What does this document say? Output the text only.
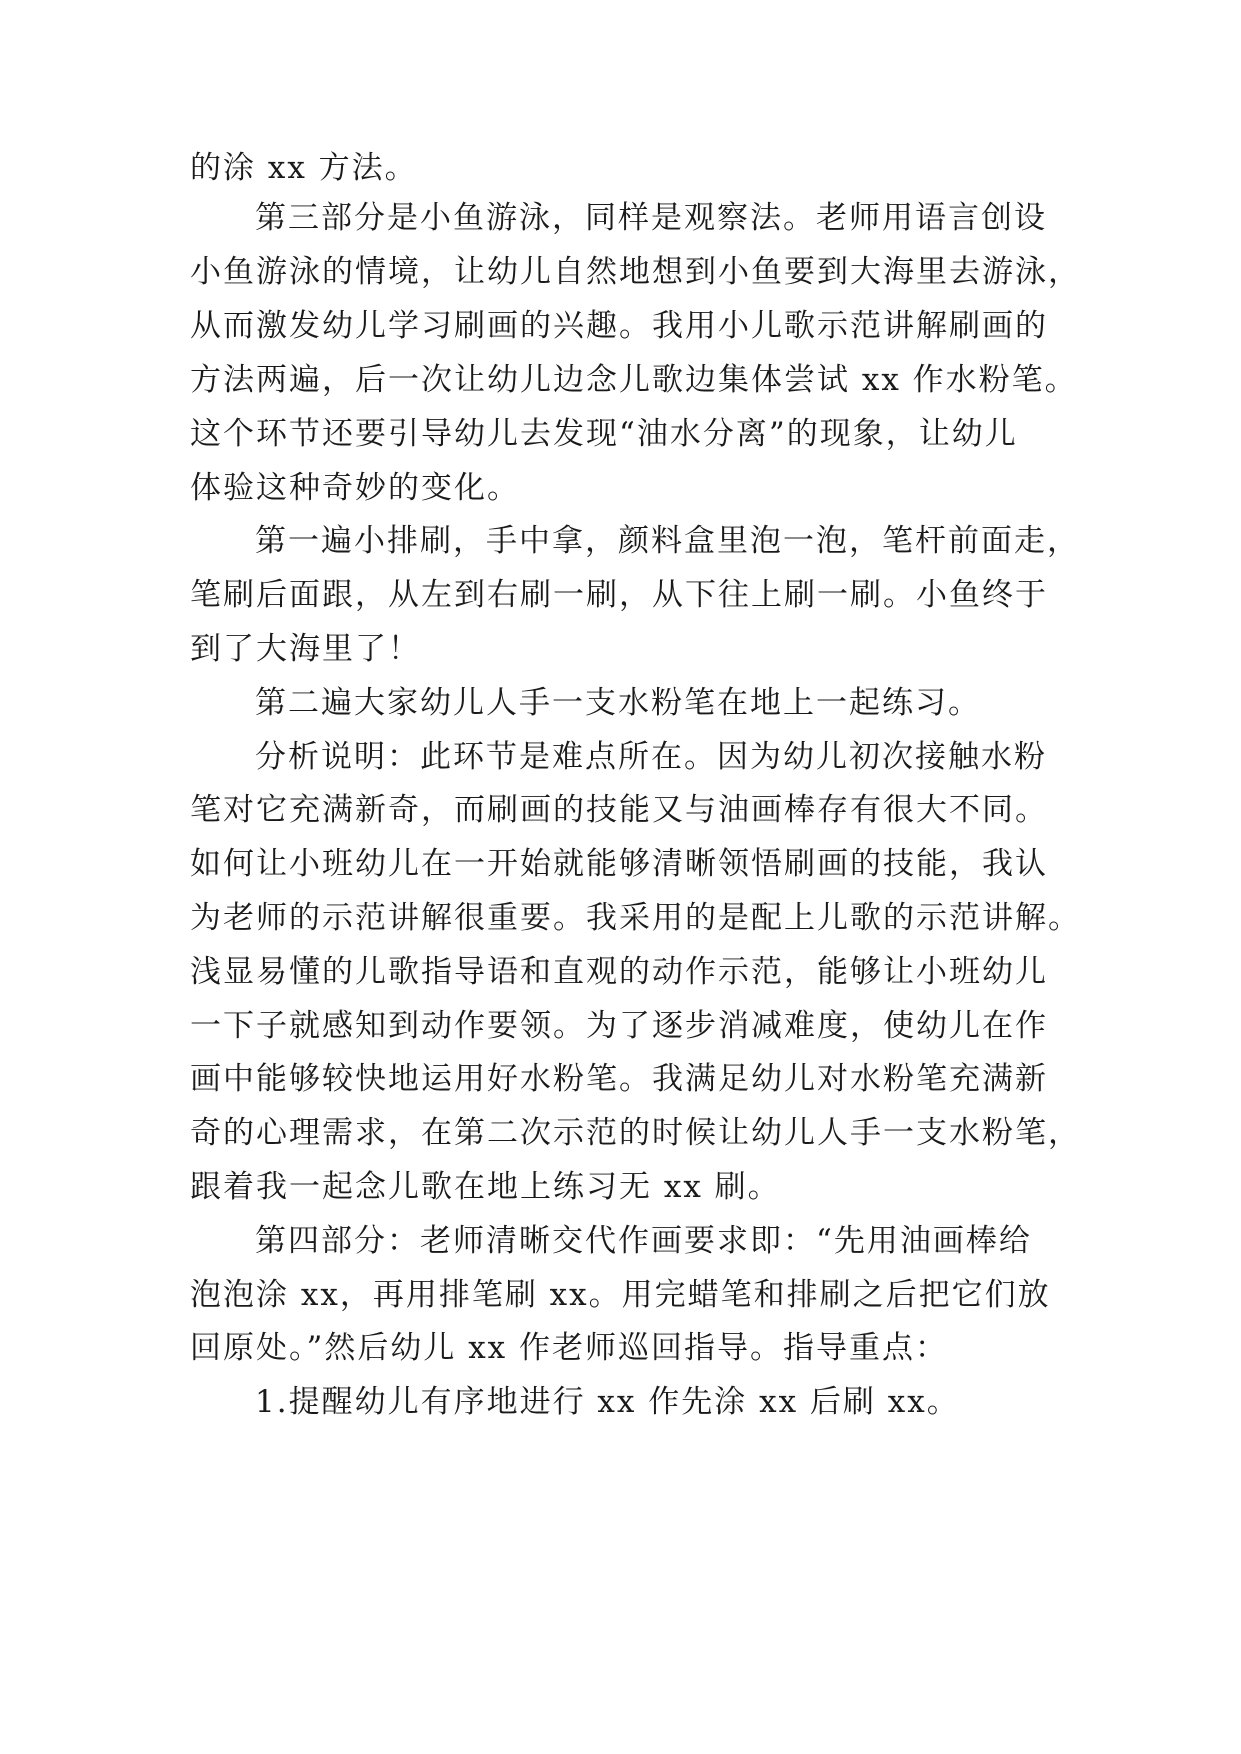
的涂 xx 方法。
第三部分是小鱼游泳，同样是观察法。老师用语言创设
小鱼游泳的情境，让幼儿自然地想到小鱼要到大海里去游泳，
从而激发幼儿学习刷画的兴趣。我用小儿歌示范讲解刷画的
方法两遍，后一次让幼儿边念儿歌边集体尝试 xx 作水粉笔。
这个环节还要引导幼儿去发现“油水分离”的现象，让幼儿
体验这种奇妙的变化。
第一遍小排刷，手中拿，颜料盒里泡一泡，笔杆前面走，
笔刷后面跟，从左到右刷一刷，从下往上刷一刷。小鱼终于
到了大海里了！
第二遍大家幼儿人手一支水粉笔在地上一起练习。
分析说明：此环节是难点所在。因为幼儿初次接触水粉
笔对它充满新奇，而刷画的技能又与油画棒存有很大不同。
如何让小班幼儿在一开始就能够清晰领悟刷画的技能，我认
为老师的示范讲解很重要。我采用的是配上儿歌的示范讲解。
浅显易懂的儿歌指导语和直观的动作示范，能够让小班幼儿
一下子就感知到动作要领。为了逐步消减难度，使幼儿在作
画中能够较快地运用好水粉笔。我满足幼儿对水粉笔充满新
奇的心理需求，在第二次示范的时候让幼儿人手一支水粉笔，
跟着我一起念儿歌在地上练习无 xx 刷。
第四部分：老师清晰交代作画要求即：“先用油画棒给
泡泡涂 xx，再用排笔刷 xx。用完蜡笔和排刷之后把它们放
回原处。”然后幼儿 xx 作老师巡回指导。指导重点：
1.提醒幼儿有序地进行 xx 作先涂 xx 后刷 xx。
